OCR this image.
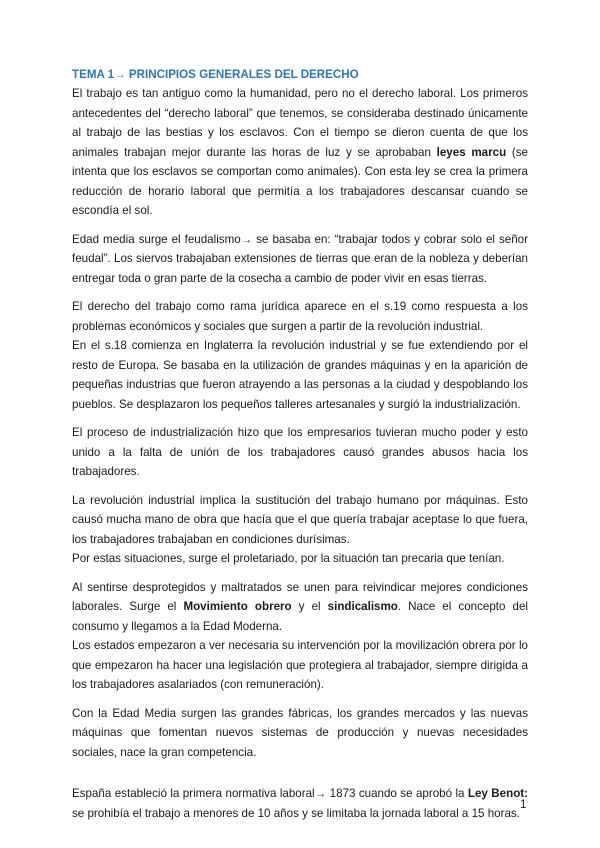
TEMA 1→ PRINCIPIOS GENERALES DEL DERECHO

El trabajo es tan antiguo como la humanidad, pero no el derecho laboral. Los primeros antecedentes del “derecho laboral” que tenemos, se consideraba destinado únicamente al trabajo de las bestias y los esclavos. Con el tiempo se dieron cuenta de que los animales trabajan mejor durante las horas de luz y se aprobaban leyes marcu (se intenta que los esclavos se comportan como animales). Con esta ley se crea la primera reducción de horario laboral que permitía a los trabajadores descansar cuando se escondía el sol.

Edad media surge el feudalismo→ se basaba en: “trabajar todos y cobrar solo el señor feudal”. Los siervos trabajaban extensiones de tierras que eran de la nobleza y deberían entregar toda o gran parte de la cosecha a cambio de poder vivir en esas tierras.

El derecho del trabajo como rama jurídica aparece en el s.19 como respuesta a los problemas económicos y sociales que surgen a partir de la revolución industrial.

En el s.18 comienza en Inglaterra la revolución industrial y se fue extendiendo por el resto de Europa. Se basaba en la utilización de grandes máquinas y en la aparición de pequeñas industrias que fueron atrayendo a las personas a la ciudad y despoblando los pueblos. Se desplazaron los pequeños talleres artesanales y surgió la industrialización.

El proceso de industrialización hizo que los empresarios tuvieran mucho poder y esto unido a la falta de unión de los trabajadores causó grandes abusos hacia los trabajadores.

La revolución industrial implica la sustitución del trabajo humano por máquinas. Esto causó mucha mano de obra que hacía que el que quería trabajar aceptase lo que fuera, los trabajadores trabajaban en condiciones durísimas.

Por estas situaciones, surge el proletariado, por la situación tan precaria que tenían.

Al sentirse desprotegidos y maltratados se unen para reivindicar mejores condiciones laborales. Surge el Movimiento obrero y el sindicalismo. Nace el concepto del consumo y llegamos a la Edad Moderna.

Los estados empezaron a ver necesaria su intervención por la movilización obrera por lo que empezaron ha hacer una legislación que protegiera al trabajador, siempre dirigida a los trabajadores asalariados (con remuneración).

Con la Edad Media surgen las grandes fábricas, los grandes mercados y las nuevas máquinas que fomentan nuevos sistemas de producción y nuevas necesidades sociales, nace la gran competencia.

España estableció la primera normativa laboral→ 1873 cuando se aprobó la Ley Benot: se prohibía el trabajo a menores de 10 años y se limitaba la jornada laboral a 15 horas.

1
